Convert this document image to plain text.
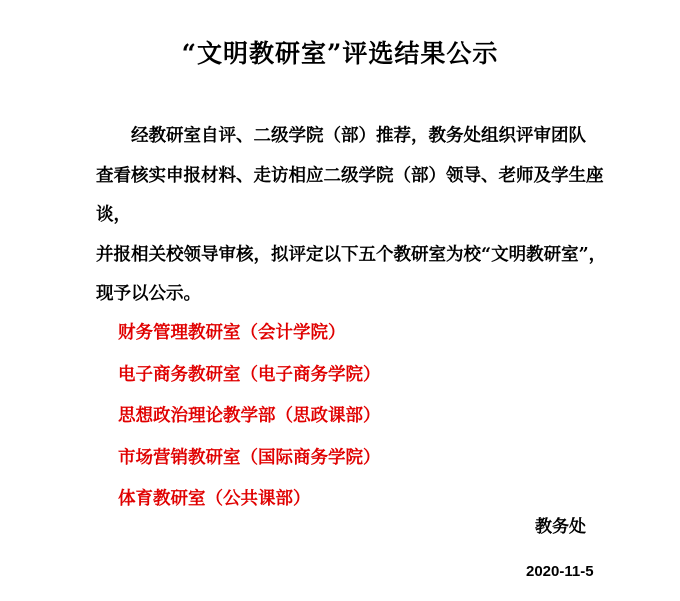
“文明教研室”评选结果公示

　　经教研室自评、二级学院（部）推荐，教务处组织评审团队

查看核实申报材料、走访相应二级学院（部）领导、老师及学生座谈，

并报相关校领导审核，拟评定以下五个教研室为校“文明教研室”，

现予以公示。

财务管理教研室（会计学院）
电子商务教研室（电子商务学院）
思想政治理论教学部（思政课部）
市场营销教研室（国际商务学院）
体育教研室（公共课部）
教务处
2020-11-5
